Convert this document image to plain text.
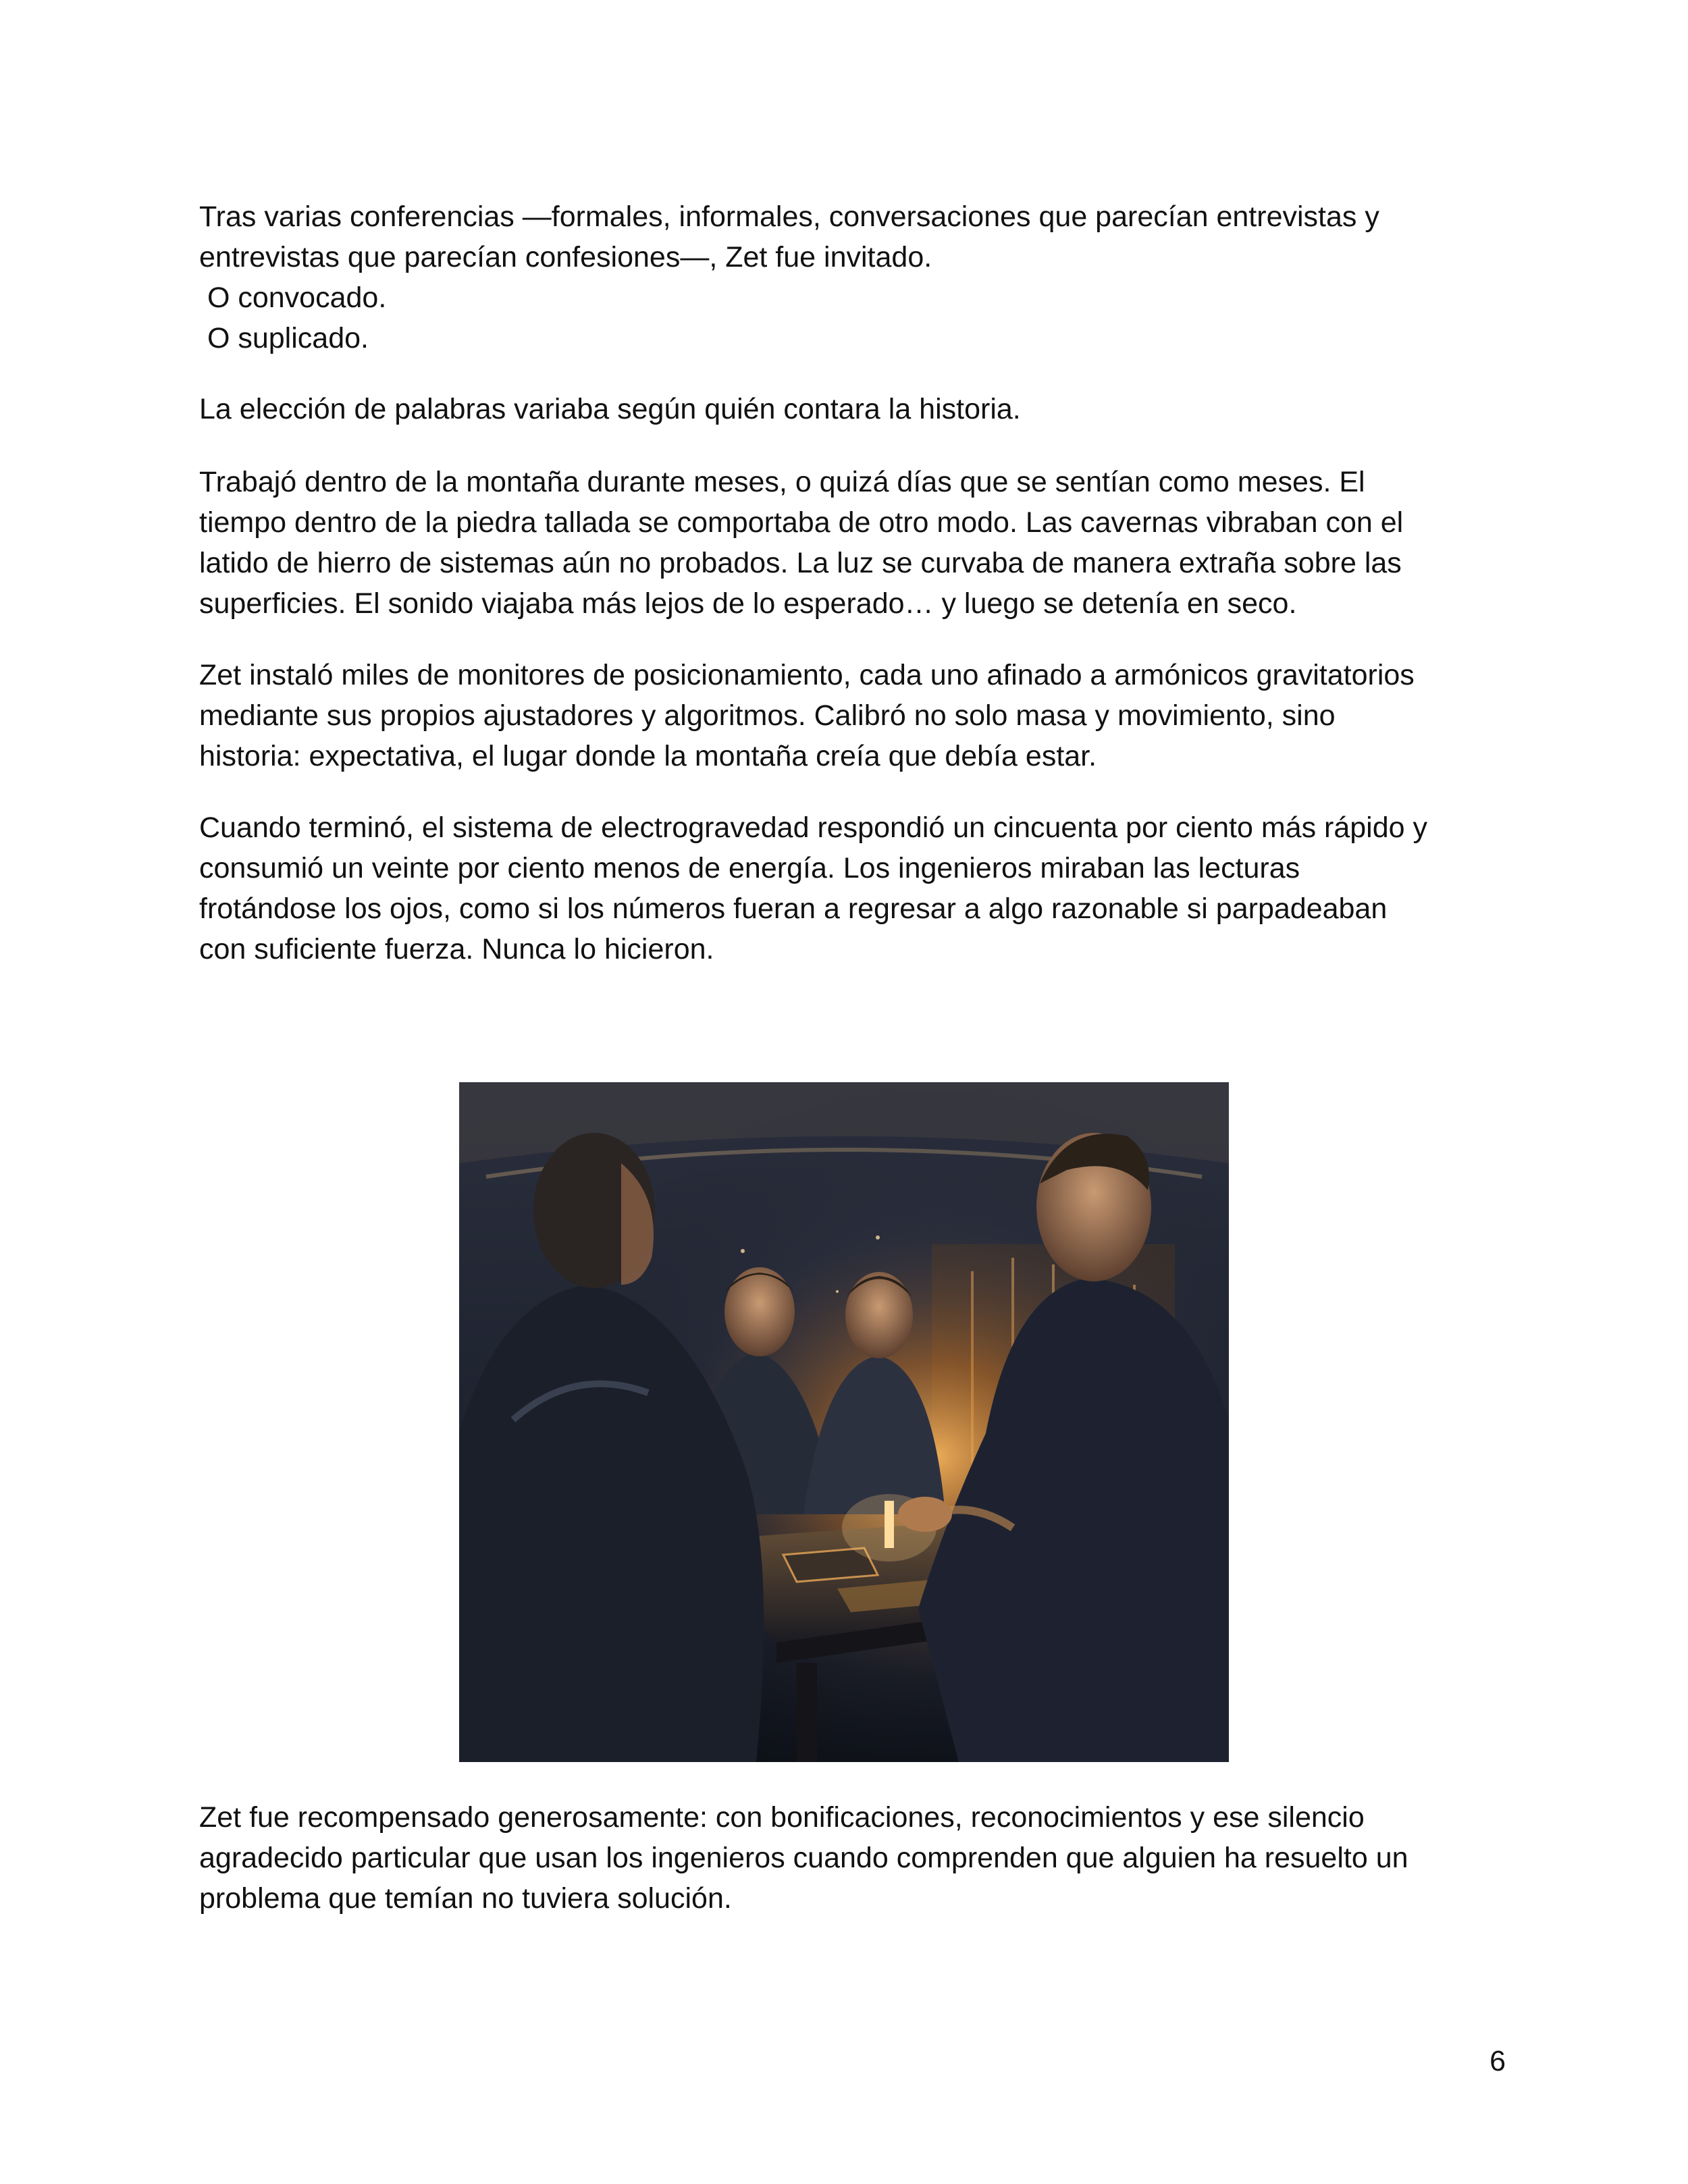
Tras varias conferencias —formales, informales, conversaciones que parecían entrevistas y
entrevistas que parecían confesiones—, Zet fue invitado.
O convocado.
O suplicado.
La elección de palabras variaba según quién contara la historia.
Trabajó dentro de la montaña durante meses, o quizá días que se sentían como meses. El
tiempo dentro de la piedra tallada se comportaba de otro modo. Las cavernas vibraban con el
latido de hierro de sistemas aún no probados. La luz se curvaba de manera extraña sobre las
superficies. El sonido viajaba más lejos de lo esperado… y luego se detenía en seco.
Zet instaló miles de monitores de posicionamiento, cada uno afinado a armónicos gravitatorios
mediante sus propios ajustadores y algoritmos. Calibró no solo masa y movimiento, sino
historia: expectativa, el lugar donde la montaña creía que debía estar.
Cuando terminó, el sistema de electrogravedad respondió un cincuenta por ciento más rápido y
consumió un veinte por ciento menos de energía. Los ingenieros miraban las lecturas
frotándose los ojos, como si los números fueran a regresar a algo razonable si parpadeaban
con suficiente fuerza. Nunca lo hicieron.
Zet fue recompensado generosamente: con bonificaciones, reconocimientos y ese silencio
agradecido particular que usan los ingenieros cuando comprenden que alguien ha resuelto un
problema que temían no tuviera solución.
6
